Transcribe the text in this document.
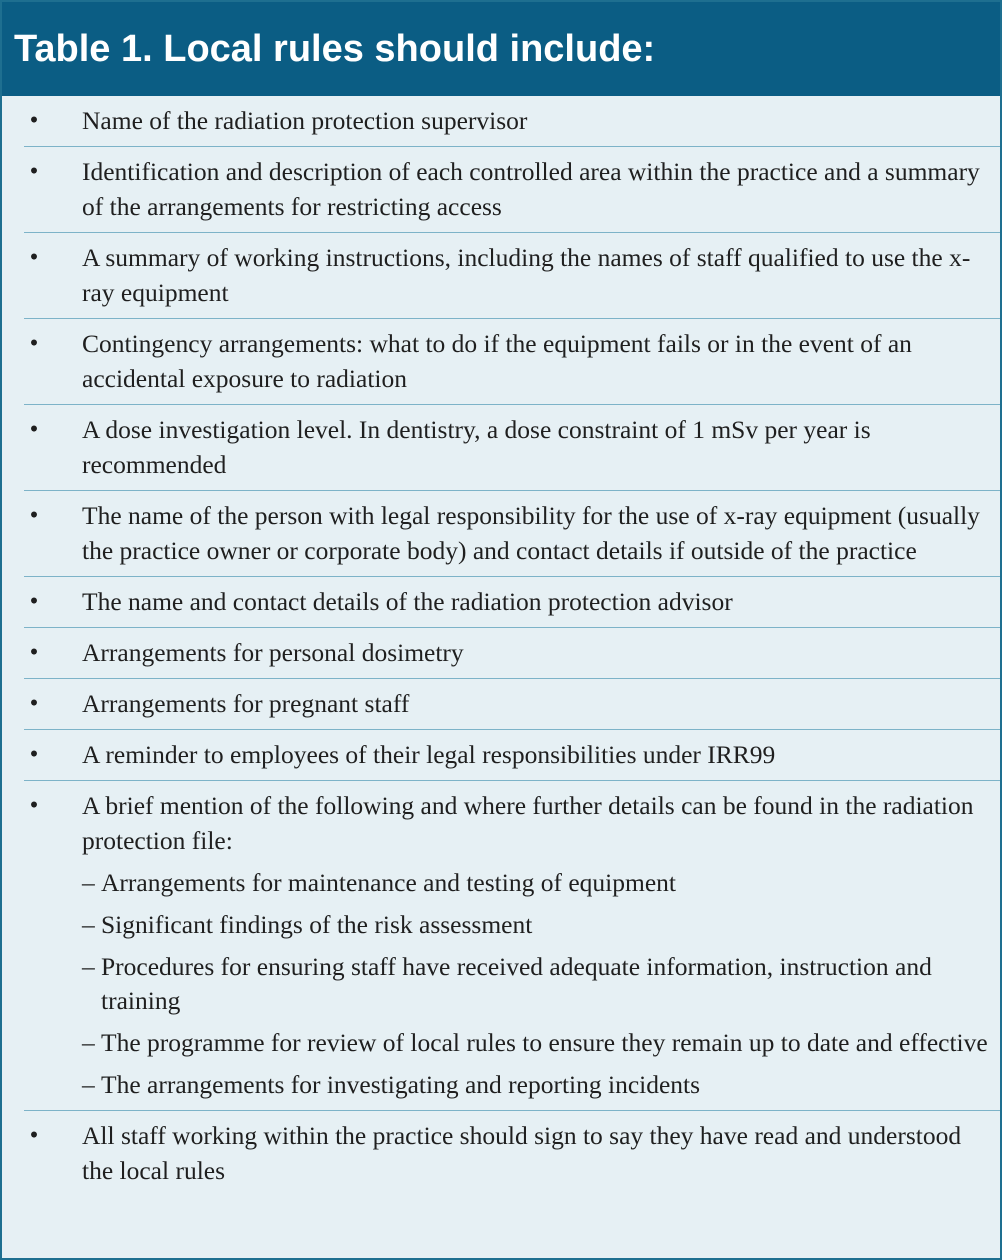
Table 1. Local rules should include:
• Name of the radiation protection supervisor
• Identification and description of each controlled area within the practice and a summary of the arrangements for restricting access
• A summary of working instructions, including the names of staff qualified to use the x-ray equipment
• Contingency arrangements: what to do if the equipment fails or in the event of an accidental exposure to radiation
• A dose investigation level. In dentistry, a dose constraint of 1 mSv per year is recommended
• The name of the person with legal responsibility for the use of x-ray equipment (usually the practice owner or corporate body) and contact details if outside of the practice
• The name and contact details of the radiation protection advisor
• Arrangements for personal dosimetry
• Arrangements for pregnant staff
• A reminder to employees of their legal responsibilities under IRR99
• A brief mention of the following and where further details can be found in the radiation protection file:
– Arrangements for maintenance and testing of equipment
– Significant findings of the risk assessment
– Procedures for ensuring staff have received adequate information, instruction and training
– The programme for review of local rules to ensure they remain up to date and effective
– The arrangements for investigating and reporting incidents
• All staff working within the practice should sign to say they have read and understood the local rules
